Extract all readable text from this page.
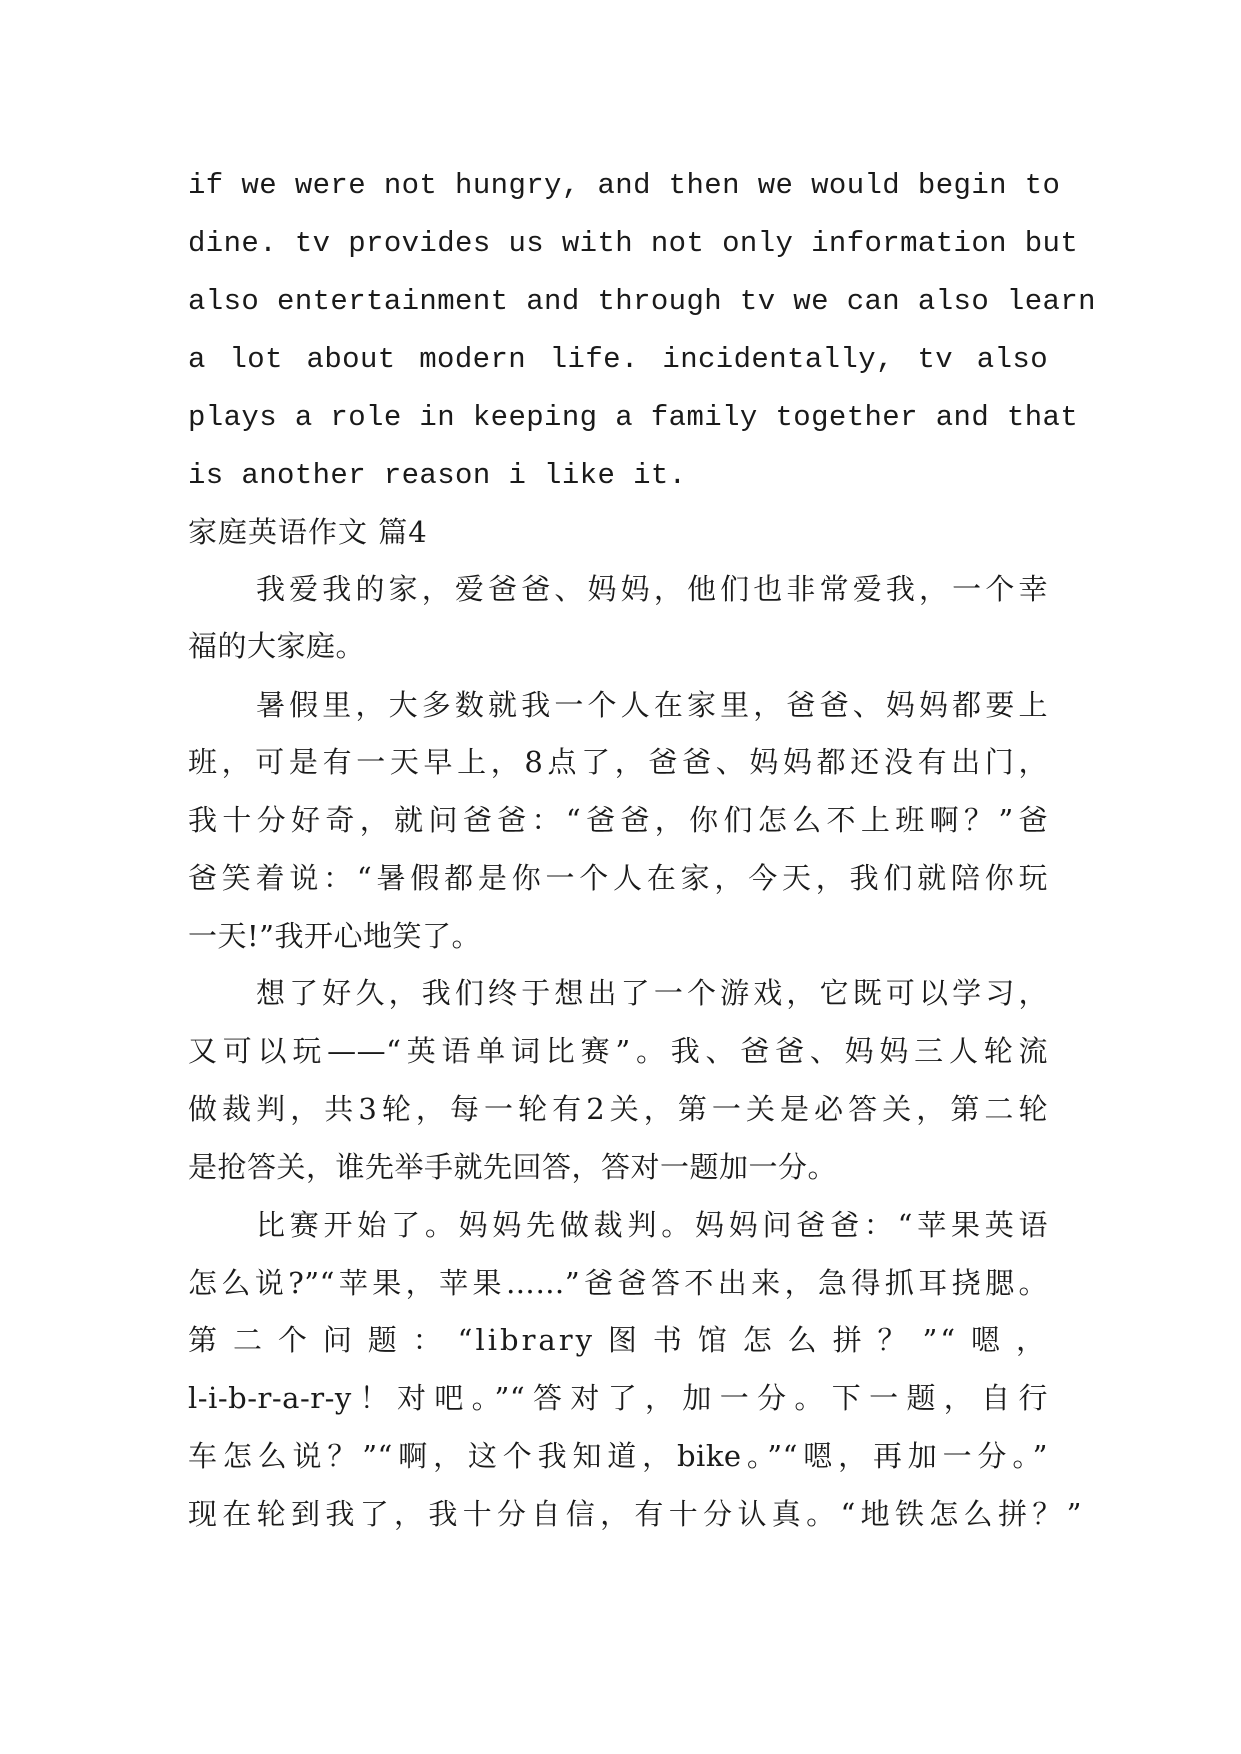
if we were not hungry, and then we would begin to
dine. tv provides us with not only information but
also entertainment and through tv we can also learn
a lot about modern life. incidentally, tv also
plays a role in keeping a family together and that
is another reason i like it.
家庭英语作文 篇4
我爱我的家，爱爸爸、妈妈，他们也非常爱我，一个幸
福的大家庭。
暑假里，大多数就我一个人在家里，爸爸、妈妈都要上
班，可是有一天早上，8点了，爸爸、妈妈都还没有出门，
我十分好奇，就问爸爸：“爸爸，你们怎么不上班啊？”爸
爸笑着说：“暑假都是你一个人在家，今天，我们就陪你玩
一天!”我开心地笑了。
想了好久，我们终于想出了一个游戏，它既可以学习，
又可以玩——“英语单词比赛”。我、爸爸、妈妈三人轮流
做裁判，共3轮，每一轮有2关，第一关是必答关，第二轮
是抢答关，谁先举手就先回答，答对一题加一分。
比赛开始了。妈妈先做裁判。妈妈问爸爸：“苹果英语
怎么说?”“苹果，苹果……”爸爸答不出来，急得抓耳挠腮。
第二个问题：“library图书馆怎么拼？”“嗯，
l-i-b-r-a-r-y！对吧。”“答对了，加一分。下一题，自行
车怎么说？”“啊，这个我知道，bike。”“嗯，再加一分。”
现在轮到我了，我十分自信，有十分认真。“地铁怎么拼？”
